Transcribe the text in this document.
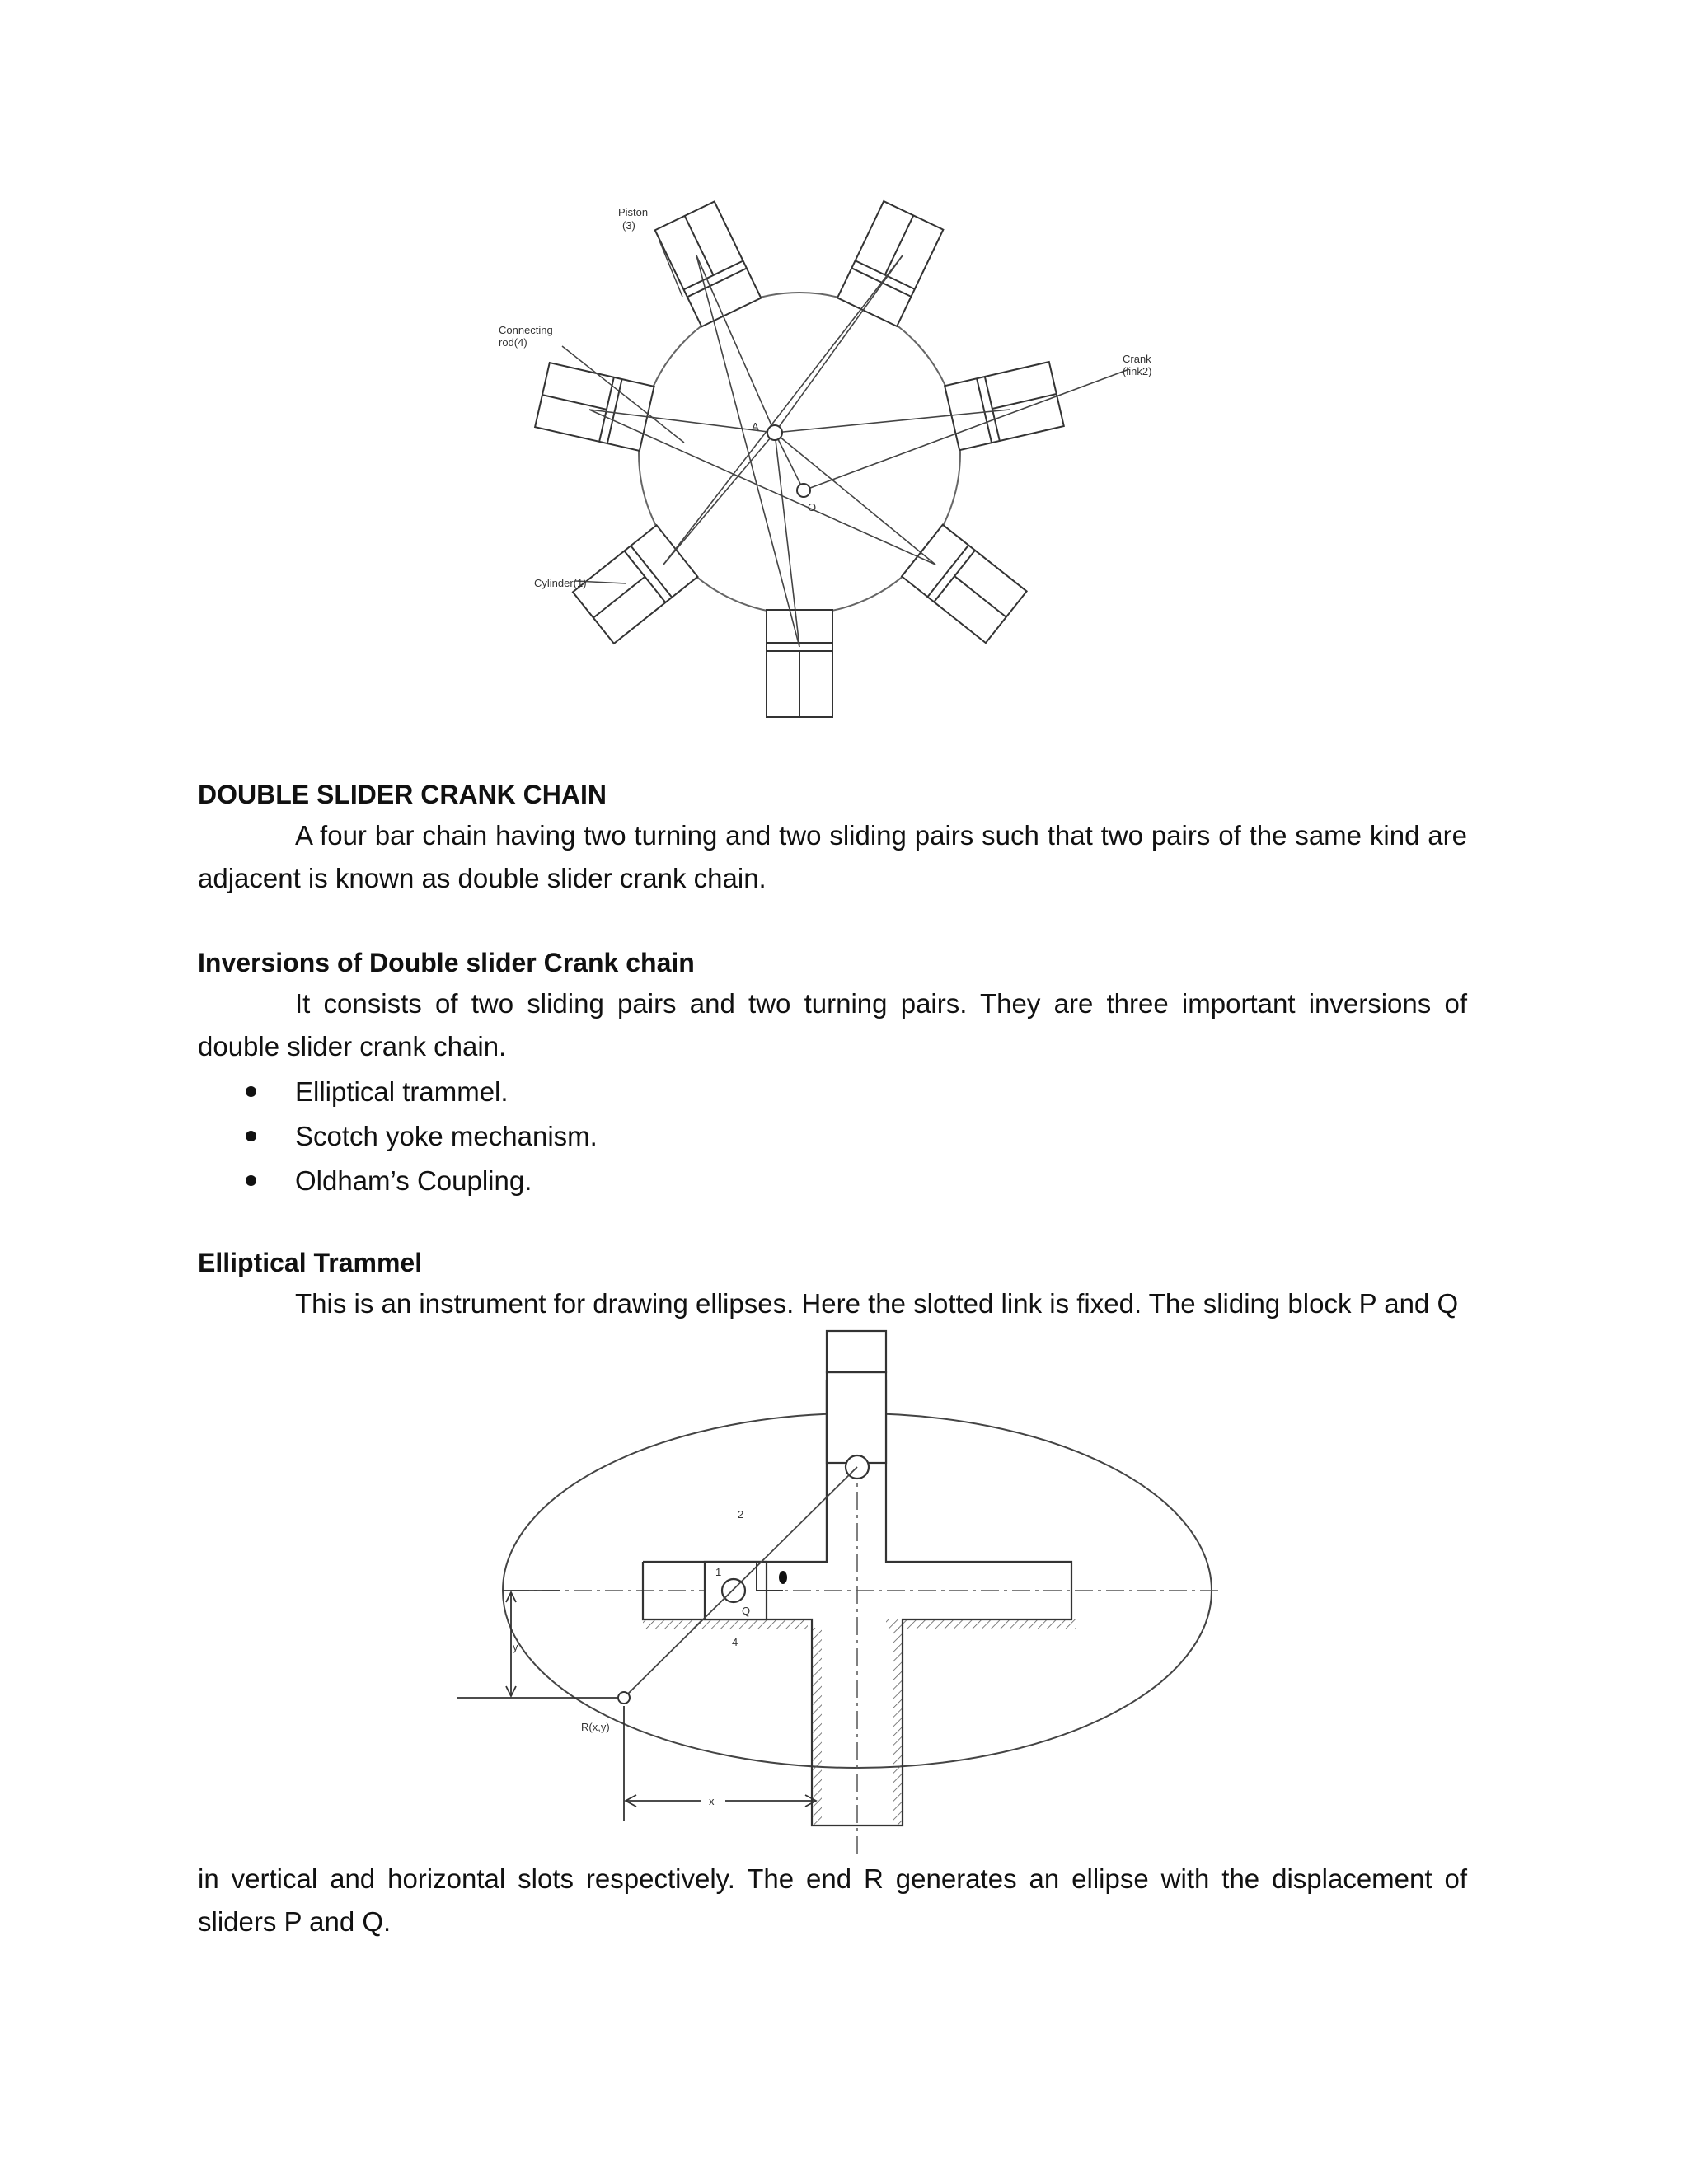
Piston
(3)
Connecting
rod(4)
Crank
(link2)
Cylinder(1)
A
O
DOUBLE SLIDER CRANK CHAIN

A four bar chain having two turning and two sliding pairs such that two pairs of the same kind are adjacent is known as double slider crank chain.

Inversions of Double slider Crank chain

It consists of two sliding pairs and two turning pairs. They are three important inversions of double slider crank chain.

Elliptical trammel.
Scotch yoke mechanism.
Oldham’s Coupling.
Elliptical Trammel

This is an instrument for drawing ellipses. Here the slotted link is fixed. The sliding block P and Q

2
1
Q
4
y
R(x,y)
x

in vertical and horizontal slots respectively. The end R generates an ellipse with the displacement of sliders P and Q.
